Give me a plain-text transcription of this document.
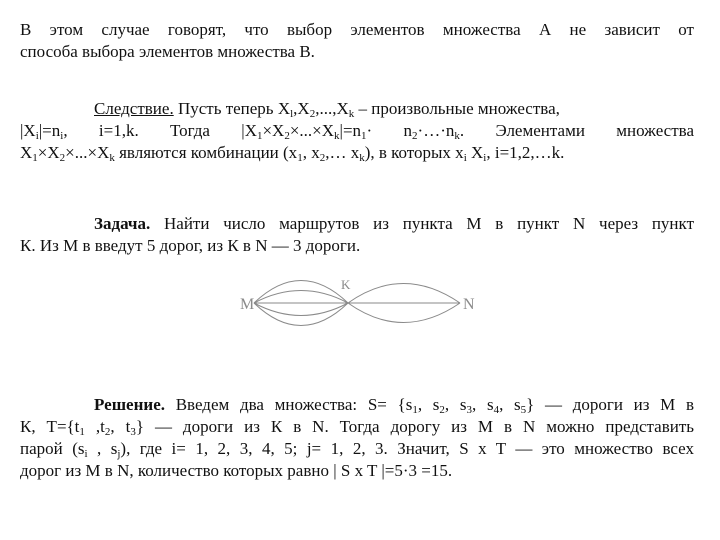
В этом случае говорят, что выбор элементов множества А не зависит от
способа выбора элементов множества В.
Следствие. Пусть теперь $X_l,X_2,...,X_k$ – произвольные множества,
$|X_i|=n_i$, i=1,k. Тогда $|X_1\times X_2\times...\times X_k|=n_1\cdot$ $n_2\cdot\dots\cdot n_k$. Элементами множества
$X_1\times X_2\times...\times X_k$ являются комбинации ($x_1$, $x_2,\dots$ $x_k$), в которых $x_i$ $X_i$, i=1,2,…k.
Задача. Найти число маршрутов из пункта М в пункт N через пункт
К. Из М в введут 5 дорог, из К в N — 3 дороги.
M
K
N
Решение. Введем два множества: $S= \{s_1$, $s_2$, $s_3$, $s_4$, $s_5$} — дороги из М в
К, $T=\{t_1$ $,t_2$, $t_3$} — дороги из К в N. Тогда дорогу из М в N можно представить
парой ($s_i$ , $s_j$), где i= 1, 2, 3, 4, 5; j= 1, 2, 3. Значит, S x T — это множество всех
дорог из М в N, количество которых равно | S x T |=5·3 =15.
